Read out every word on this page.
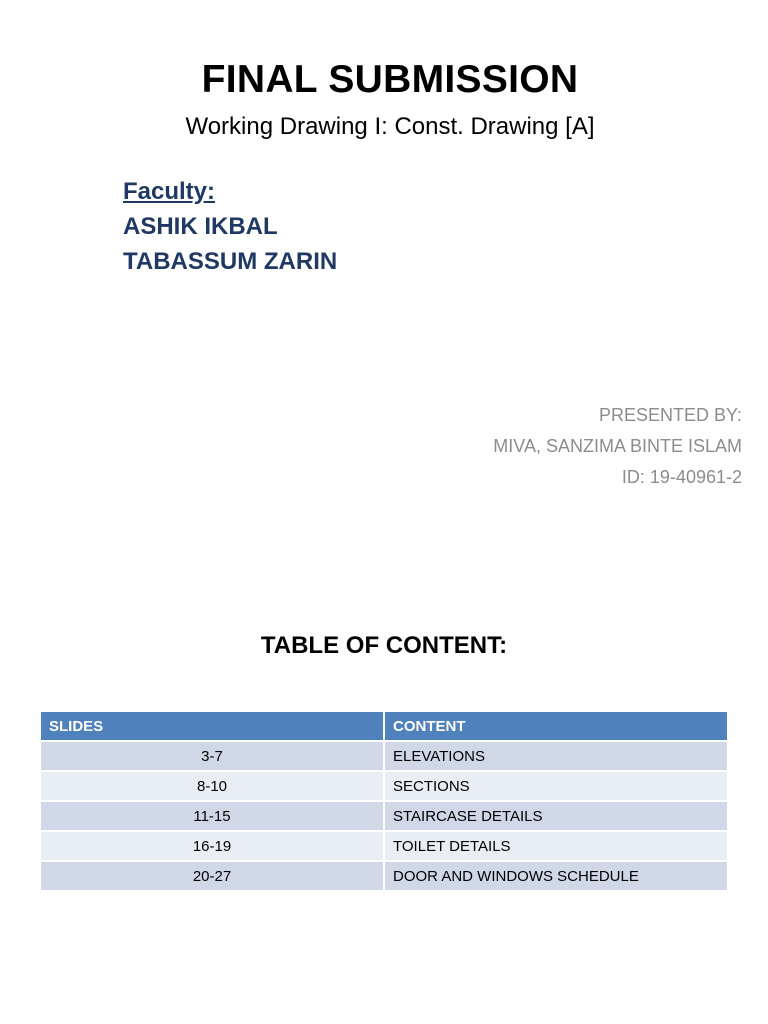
FINAL SUBMISSION
Working Drawing I: Const. Drawing [A]
Faculty:
ASHIK IKBAL
TABASSUM ZARIN
PRESENTED BY:
MIVA, SANZIMA BINTE ISLAM
ID: 19-40961-2
TABLE OF CONTENT:
SLIDES	CONTENT
3-7	ELEVATIONS
8-10	SECTIONS
11-15	STAIRCASE DETAILS
16-19	TOILET DETAILS
20-27	DOOR AND WINDOWS SCHEDULE
